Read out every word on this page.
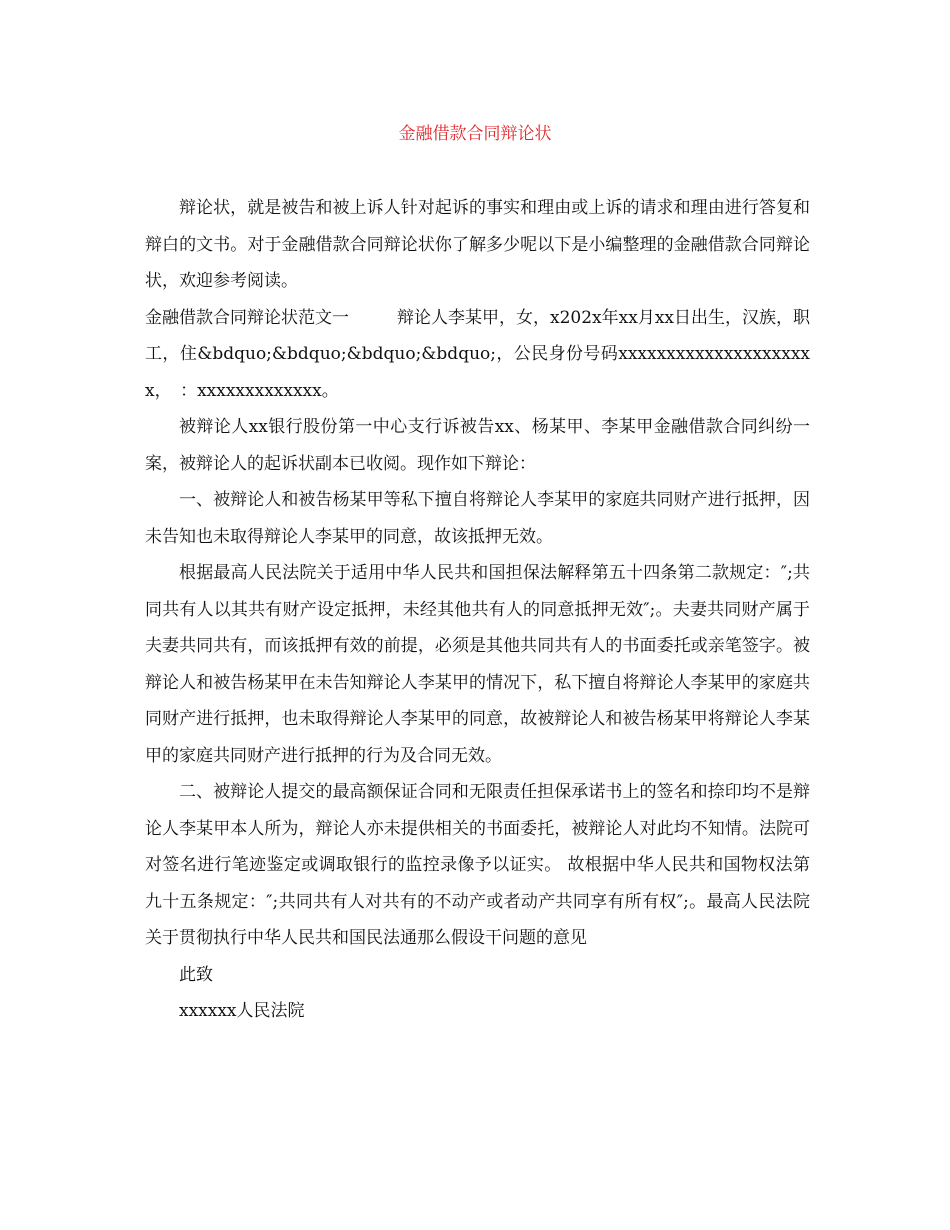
金融借款合同辩论状

辩论状，就是被告和被上诉人针对起诉的事实和理由或上诉的请求和理由进行答复和辩白的文书。对于金融借款合同辩论状你了解多少呢以下是小编整理的金融借款合同辩论状，欢迎参考阅读。

金融借款合同辩论状范文一	辩论人李某甲，女，x202x年xx月xx日出生，汉族，职工，住&bdquo;&bdquo;&bdquo;&bdquo;，公民身份号码xxxxxxxxxxxxxxxxxxxxx，　：xxxxxxxxxxxxx。

被辩论人xx银行股份第一中心支行诉被告xx、杨某甲、李某甲金融借款合同纠纷一案，被辩论人的起诉状副本已收阅。现作如下辩论：

一、被辩论人和被告杨某甲等私下擅自将辩论人李某甲的家庭共同财产进行抵押，因未告知也未取得辩论人李某甲的同意，故该抵押无效。

根据最高人民法院关于适用中华人民共和国担保法解释第五十四条第二款规定：″;共同共有人以其共有财产设定抵押，未经其他共有人的同意抵押无效″;。夫妻共同财产属于夫妻共同共有，而该抵押有效的前提，必须是其他共同共有人的书面委托或亲笔签字。被辩论人和被告杨某甲在未告知辩论人李某甲的情况下，私下擅自将辩论人李某甲的家庭共同财产进行抵押，也未取得辩论人李某甲的同意，故被辩论人和被告杨某甲将辩论人李某甲的家庭共同财产进行抵押的行为及合同无效。

二、被辩论人提交的最高额保证合同和无限责任担保承诺书上的签名和捺印均不是辩论人李某甲本人所为，辩论人亦未提供相关的书面委托，被辩论人对此均不知情。法院可对签名进行笔迹鉴定或调取银行的监控录像予以证实。 故根据中华人民共和国物权法第九十五条规定：″;共同共有人对共有的不动产或者动产共同享有所有权″;。最高人民法院关于贯彻执行中华人民共和国民法通那么假设干问题的意见

此致

xxxxxx人民法院
